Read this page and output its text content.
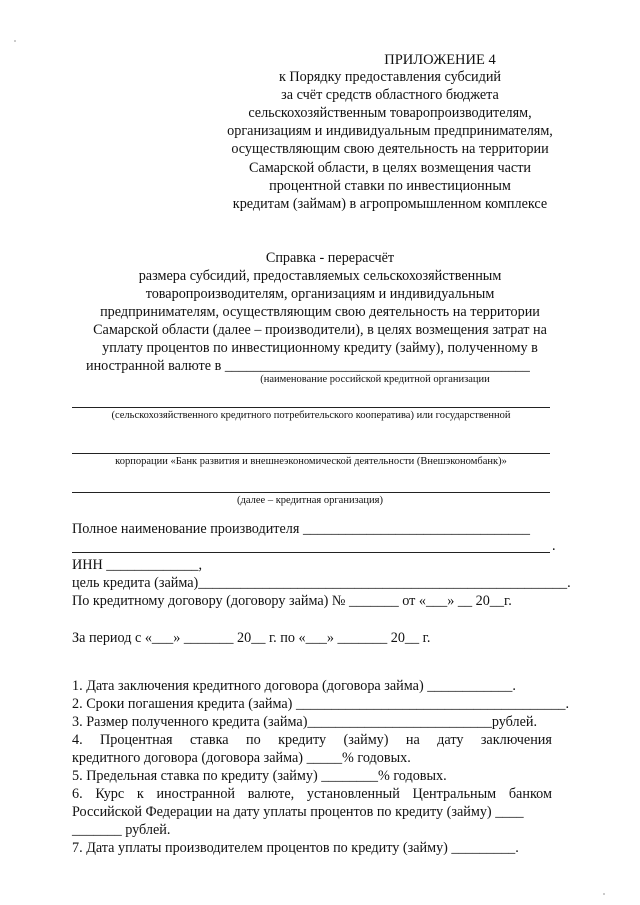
ПРИЛОЖЕНИЕ 4
к Порядку предоставления субсидий
за счёт средств областного бюджета
сельскохозяйственным товаропроизводителям,
организациям и индивидуальным предпринимателям,
осуществляющим свою деятельность на территории
Самарской области, в целях возмещения части
процентной ставки по инвестиционным
кредитам (займам) в агропромышленном комплексе
Справка - перерасчёт
размера субсидий, предоставляемых сельскохозяйственным
товаропроизводителям, организациям и индивидуальным
предпринимателям, осуществляющим свою деятельность на территории
Самарской области (далее – производители), в целях возмещения затрат на
уплату процентов по инвестиционному кредиту (займу), полученному в
иностранной валюте в ___________________________________________
(наименование российской кредитной организации
(сельскохозяйственного кредитного потребительского кооператива) или государственной
корпорации «Банк развития и внешнеэкономической деятельности (Внешэкономбанк)»
(далее – кредитная организация)
Полное наименование производителя ________________________________
.
ИНН _____________,
цель кредита (займа)____________________________________________________.
По кредитному договору (договору займа) № _______ от «___» __ 20__г.
За период с «___» _______ 20__ г. по «___» _______ 20__ г.
1. Дата заключения кредитного договора (договора займа) ____________.
2. Сроки погашения кредита (займа) ______________________________________.
3. Размер полученного кредита (займа)__________________________рублей.
4. Процентная ставка по кредиту (займу) на дату заключения
кредитного договора (договора займа) _____% годовых.
5. Предельная ставка по кредиту (займу) ________% годовых.
6. Курс к иностранной валюте, установленный Центральным банком
Российской Федерации на дату уплаты процентов по кредиту (займу) ____
_______ рублей.
7. Дата уплаты производителем процентов по кредиту (займу) _________.
